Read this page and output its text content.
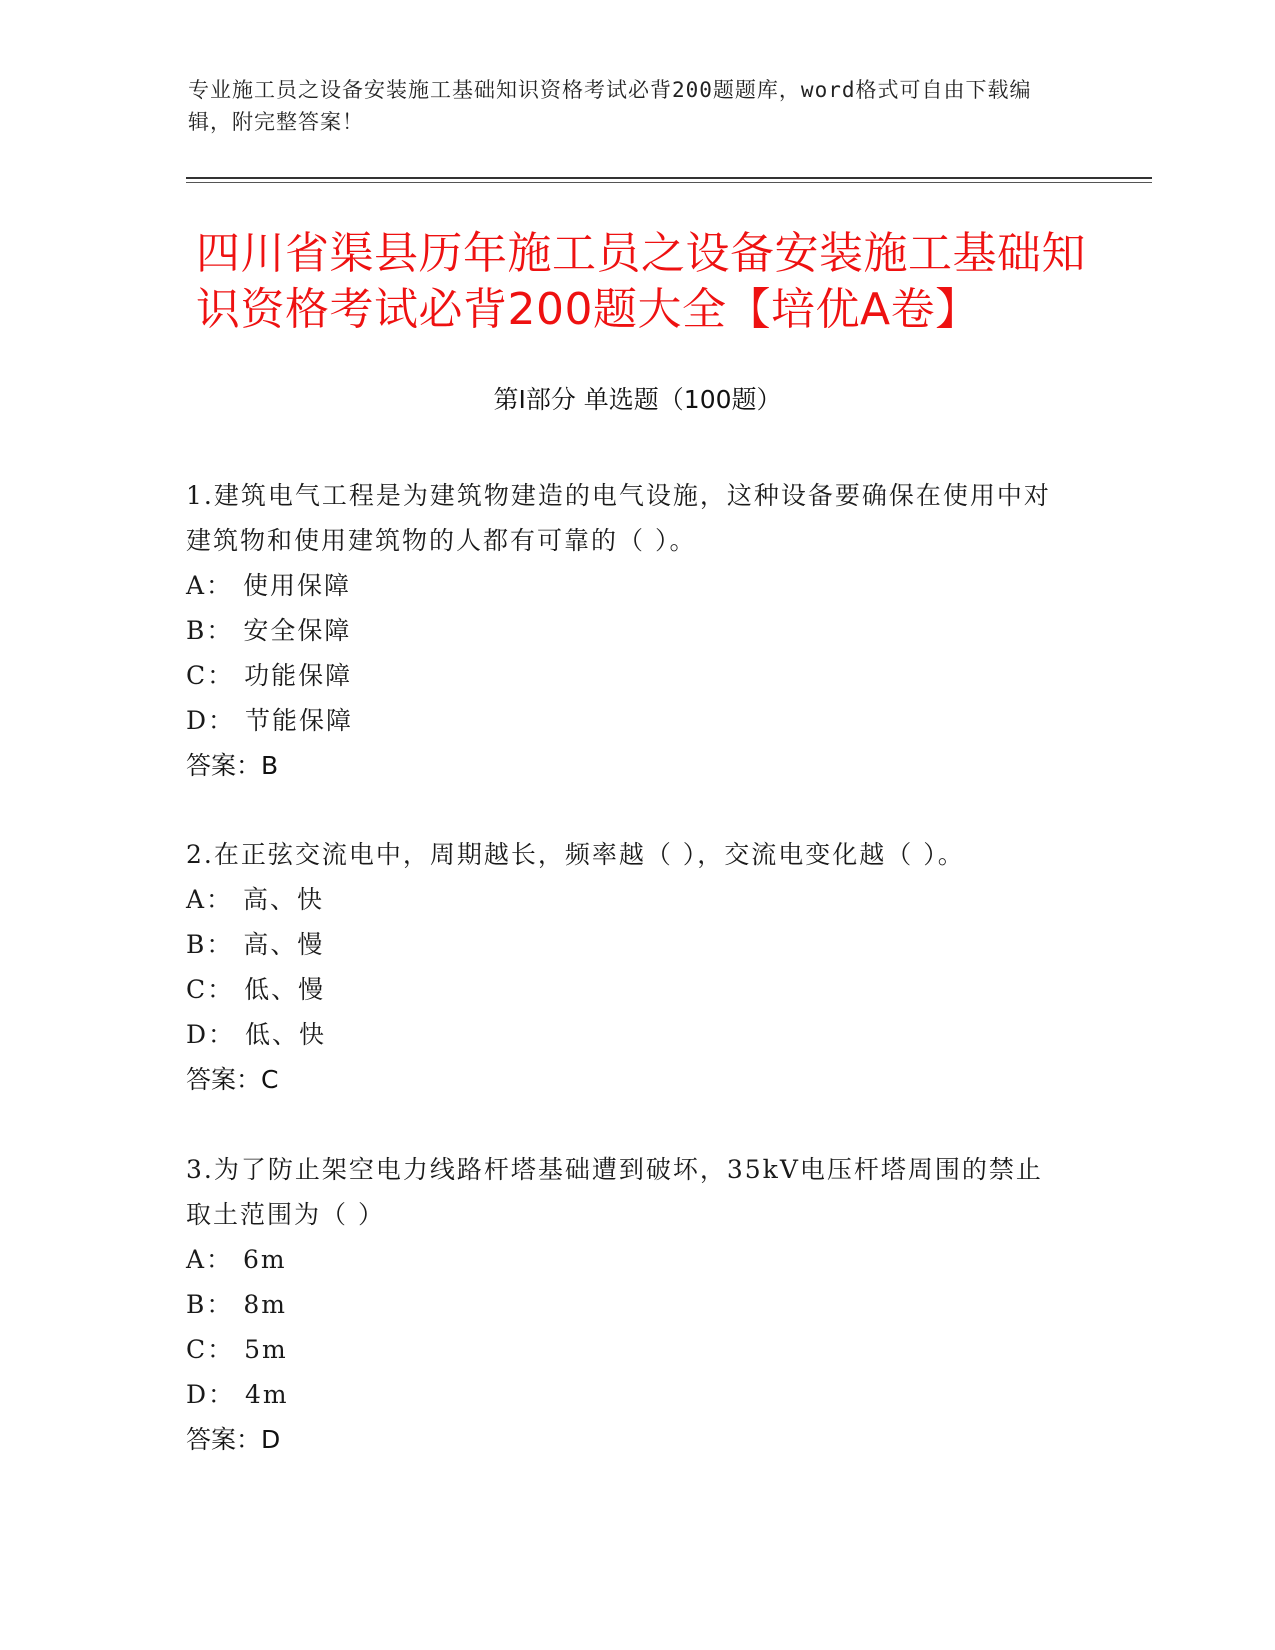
专业施工员之设备安装施工基础知识资格考试必背200题题库，word格式可自由下载编辑，附完整答案！
四川省渠县历年施工员之设备安装施工基础知识资格考试必背200题大全【培优A卷】
第Ⅰ部分 单选题（100题）
1.建筑电气工程是为建筑物建造的电气设施，这种设备要确保在使用中对建筑物和使用建筑物的人都有可靠的（ ）。
A： 使用保障
B： 安全保障
C： 功能保障
D： 节能保障
答案：B
2.在正弦交流电中，周期越长，频率越（ ），交流电变化越（ ）。
A： 高、快
B： 高、慢
C： 低、慢
D： 低、快
答案：C
3.为了防止架空电力线路杆塔基础遭到破坏，35kV电压杆塔周围的禁止取土范围为（ ）
A： 6m
B： 8m
C： 5m
D： 4m
答案：D
